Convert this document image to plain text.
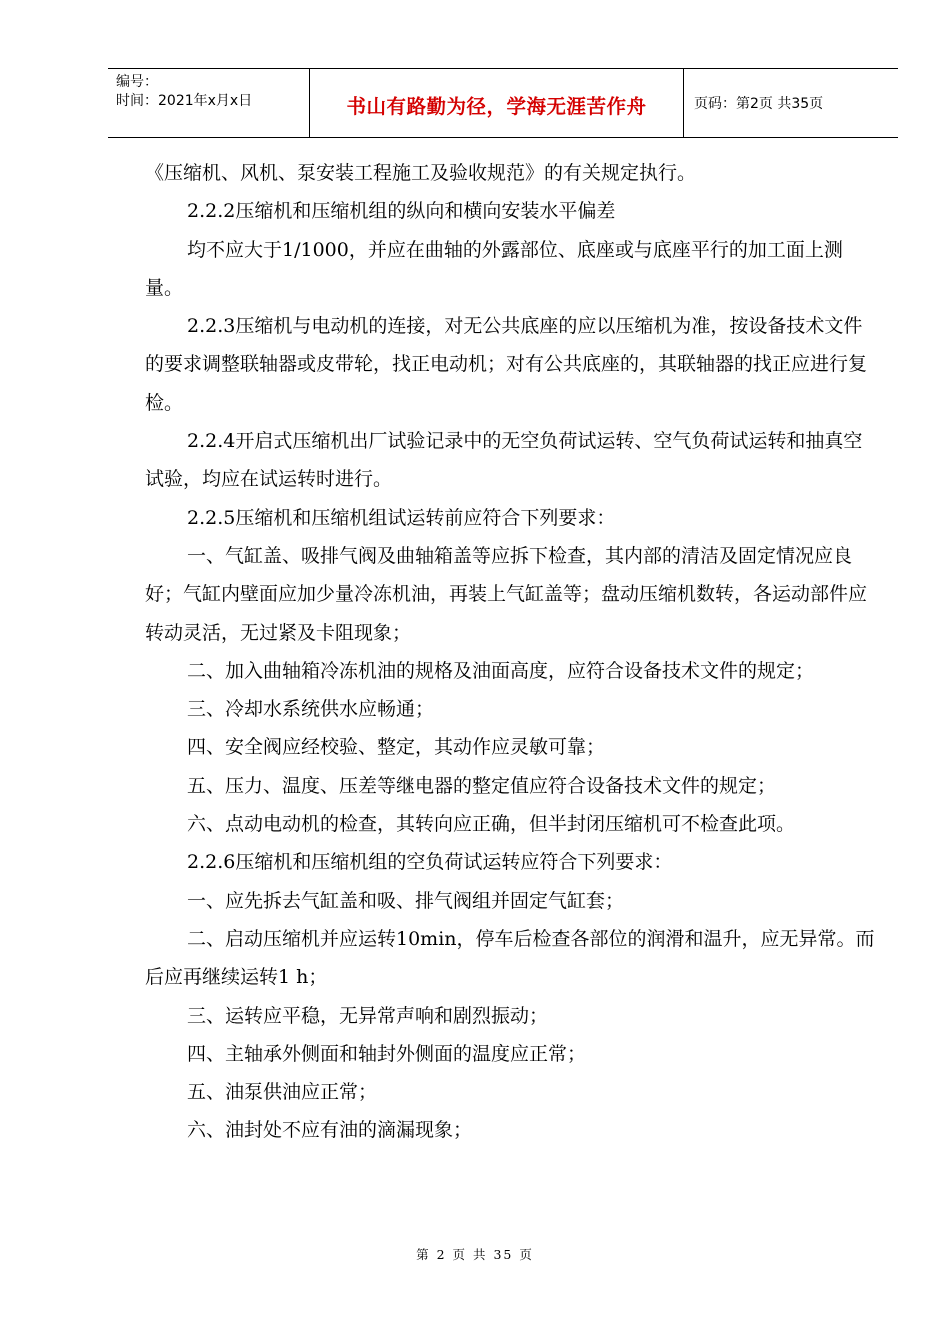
编号：
时间：2021年x月x日	书山有路勤为径，学海无涯苦作舟	页码：第2页 共35页

《压缩机、风机、泵安装工程施工及验收规范》的有关规定执行。

2.2.2压缩机和压缩机组的纵向和横向安装水平偏差

均不应大于1/1000，并应在曲轴的外露部位、底座或与底座平行的加工面上测量。

2.2.3压缩机与电动机的连接，对无公共底座的应以压缩机为准，按设备技术文件的要求调整联轴器或皮带轮，找正电动机；对有公共底座的，其联轴器的找正应进行复检。

2.2.4开启式压缩机出厂试验记录中的无空负荷试运转、空气负荷试运转和抽真空试验，均应在试运转时进行。

2.2.5压缩机和压缩机组试运转前应符合下列要求：

一、气缸盖、吸排气阀及曲轴箱盖等应拆下检查，其内部的清洁及固定情况应良好；气缸内壁面应加少量冷冻机油，再装上气缸盖等；盘动压缩机数转，各运动部件应转动灵活，无过紧及卡阻现象；

二、加入曲轴箱冷冻机油的规格及油面高度，应符合设备技术文件的规定；

三、冷却水系统供水应畅通；

四、安全阀应经校验、整定，其动作应灵敏可靠；

五、压力、温度、压差等继电器的整定值应符合设备技术文件的规定；

六、点动电动机的检查，其转向应正确，但半封闭压缩机可不检查此项。

2.2.6压缩机和压缩机组的空负荷试运转应符合下列要求：

一、应先拆去气缸盖和吸、排气阀组并固定气缸套；

二、启动压缩机并应运转10min，停车后检查各部位的润滑和温升，应无异常。而后应再继续运转1 h；

三、运转应平稳，无异常声响和剧烈振动；

四、主轴承外侧面和轴封外侧面的温度应正常；

五、油泵供油应正常；

六、油封处不应有油的滴漏现象；

第 2 页 共 35 页
